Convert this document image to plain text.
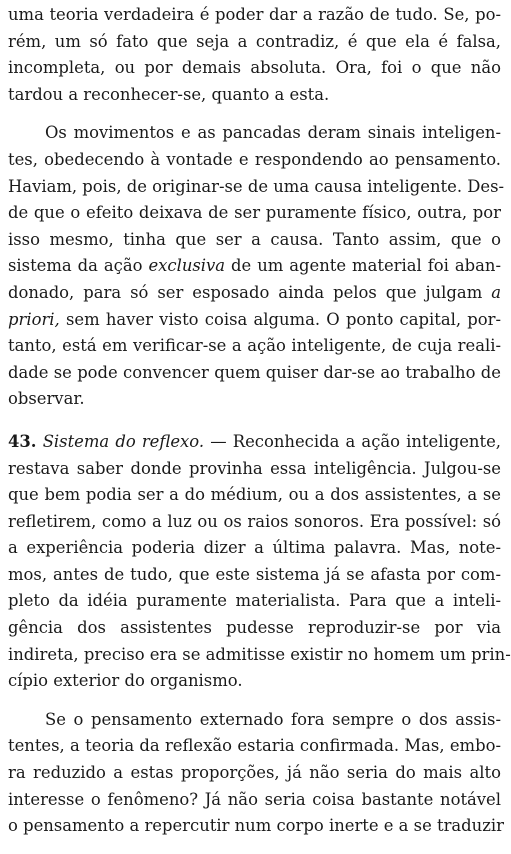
uma teoria verdadeira é poder dar a razão de tudo. Se, po-
rém, um só fato que seja a contradiz, é que ela é falsa,
incompleta, ou por demais absoluta. Ora, foi o que não
tardou a reconhecer-se, quanto a esta.

Os movimentos e as pancadas deram sinais inteligen-
tes, obedecendo à vontade e respondendo ao pensamento.
Haviam, pois, de originar-se de uma causa inteligente. Des-
de que o efeito deixava de ser puramente físico, outra, por
isso mesmo, tinha que ser a causa. Tanto assim, que o
sistema da ação exclusiva de um agente material foi aban-
donado, para só ser esposado ainda pelos que julgam a
priori, sem haver visto coisa alguma. O ponto capital, por-
tanto, está em verificar-se a ação inteligente, de cuja reali-
dade se pode convencer quem quiser dar-se ao trabalho de
observar.

43. Sistema do reflexo. — Reconhecida a ação inteligente,
restava saber donde provinha essa inteligência. Julgou-se
que bem podia ser a do médium, ou a dos assistentes, a se
refletirem, como a luz ou os raios sonoros. Era possível: só
a experiência poderia dizer a última palavra. Mas, note-
mos, antes de tudo, que este sistema já se afasta por com-
pleto da idéia puramente materialista. Para que a inteli-
gência dos assistentes pudesse reproduzir-se por via
indireta, preciso era se admitisse existir no homem um prin-
cípio exterior do organismo.

Se o pensamento externado fora sempre o dos assis-
tentes, a teoria da reflexão estaria confirmada. Mas, embo-
ra reduzido a estas proporções, já não seria do mais alto
interesse o fenômeno? Já não seria coisa bastante notável
o pensamento a repercutir num corpo inerte e a se traduzir
